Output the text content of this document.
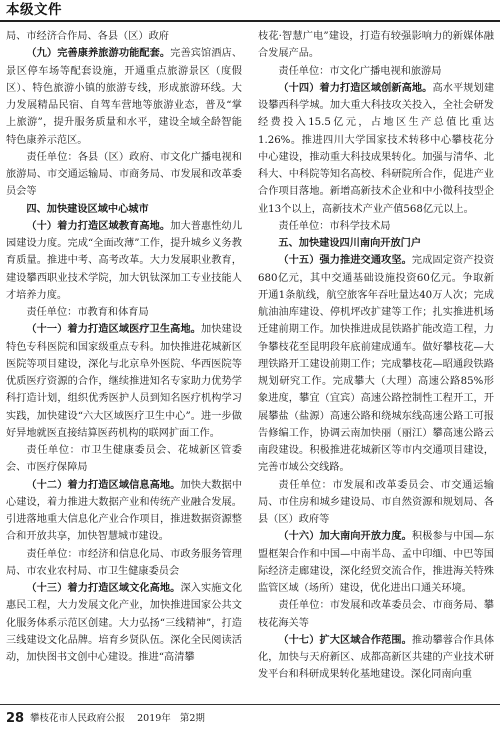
本级文件

局、市经济合作局、各县（区）政府

（九）完善康养旅游功能配套。完善宾馆酒店、景区停车场等配套设施，开通重点旅游景区（度假区）、特色旅游小镇的旅游专线，形成旅游环线。大力发展精品民宿、自驾车营地等旅游业态，普及“掌上旅游”，提升服务质量和水平，建设全域全龄智能特色康养示范区。

责任单位：各县（区）政府、市文化广播电视和旅游局、市交通运输局、市商务局、市发展和改革委员会等

四、加快建设区域中心城市

（十）着力打造区域教育高地。加大普惠性幼儿园建设力度。完成“全面改薄”工作，提升城乡义务教育质量。推进中考、高考改革。大力发展职业教育，建设攀西职业技术学院，加大钒钛深加工专业技能人才培养力度。

责任单位：市教育和体育局

（十一）着力打造区域医疗卫生高地。加快建设特色专科医院和国家级重点专科。加快推进花城新区医院等项目建设，深化与北京阜外医院、华西医院等优质医疗资源的合作，继续推进知名专家助力优势学科打造计划，组织优秀医护人员到知名医疗机构学习实践，加快建设“六大区域医疗卫生中心”。进一步做好异地就医直接结算医药机构的联网扩面工作。

责任单位：市卫生健康委员会、花城新区管委会、市医疗保障局

（十二）着力打造区域信息高地。加快大数据中心建设，着力推进大数据产业和传统产业融合发展。引进落地重大信息化产业合作项目，推进数据资源整合和开放共享，加快智慧城市建设。

责任单位：市经济和信息化局、市政务服务管理局、市农业农村局、市卫生健康委员会

（十三）着力打造区域文化高地。深入实施文化惠民工程，大力发展文化产业，加快推进国家公共文化服务体系示范区创建。大力弘扬“三线精神”，打造三线建设文化品牌。培育乡贤队伍。深化全民阅读活动，加快图书文创中心建设。推进“高清攀

枝花·智慧广电”建设，打造有较强影响力的新媒体融合发展产品。

责任单位：市文化广播电视和旅游局

（十四）着力打造区域创新高地。高水平规划建设攀西科学城。加大重大科技攻关投入，全社会研发经费投入15.5亿元，占地区生产总值比重达1.26%。推进四川大学国家技术转移中心攀枝花分中心建设，推动重大科技成果转化。加强与清华、北科大、中科院等知名高校、科研院所合作，促进产业合作项目落地。新增高新技术企业和中小微科技型企业13个以上，高新技术产业产值568亿元以上。

责任单位：市科学技术局

五、加快建设四川南向开放门户

（十五）强力推进交通攻坚。完成固定资产投资680亿元，其中交通基础设施投资60亿元。争取新开通1条航线，航空旅客年吞吐量达40万人次；完成航油油库建设、停机坪改扩建等工作；扎实推进机场迁建前期工作。加快推进成昆铁路扩能改造工程，力争攀枝花至昆明段年底前建成通车。做好攀枝花—大理铁路开工建设前期工作；完成攀枝花—昭通段铁路规划研究工作。完成攀大（大理）高速公路85%形象进度，攀宜（宜宾）高速公路控制性工程开工，开展攀盐（盐源）高速公路和绕城东线高速公路工可报告修编工作，协调云南加快丽（丽江）攀高速公路云南段建设。积极推进花城新区等市内交通项目建设，完善市域公交线路。

责任单位：市发展和改革委员会、市交通运输局、市住房和城乡建设局、市自然资源和规划局、各县（区）政府等

（十六）加大南向开放力度。积极参与中国—东盟框架合作和中国—中南半岛、孟中印缅、中巴等国际经济走廊建设，深化经贸交流合作，推进海关特殊监管区域（场所）建设，优化进出口通关环境。

责任单位：市发展和改革委员会、市商务局、攀枝花海关等

（十七）扩大区域合作范围。推动攀蓉合作具体化，加快与天府新区、成都高新区共建的产业技术研发平台和科研成果转化基地建设。深化同南向重

28 攀枝花市人民政府公报 2019年 第2期
